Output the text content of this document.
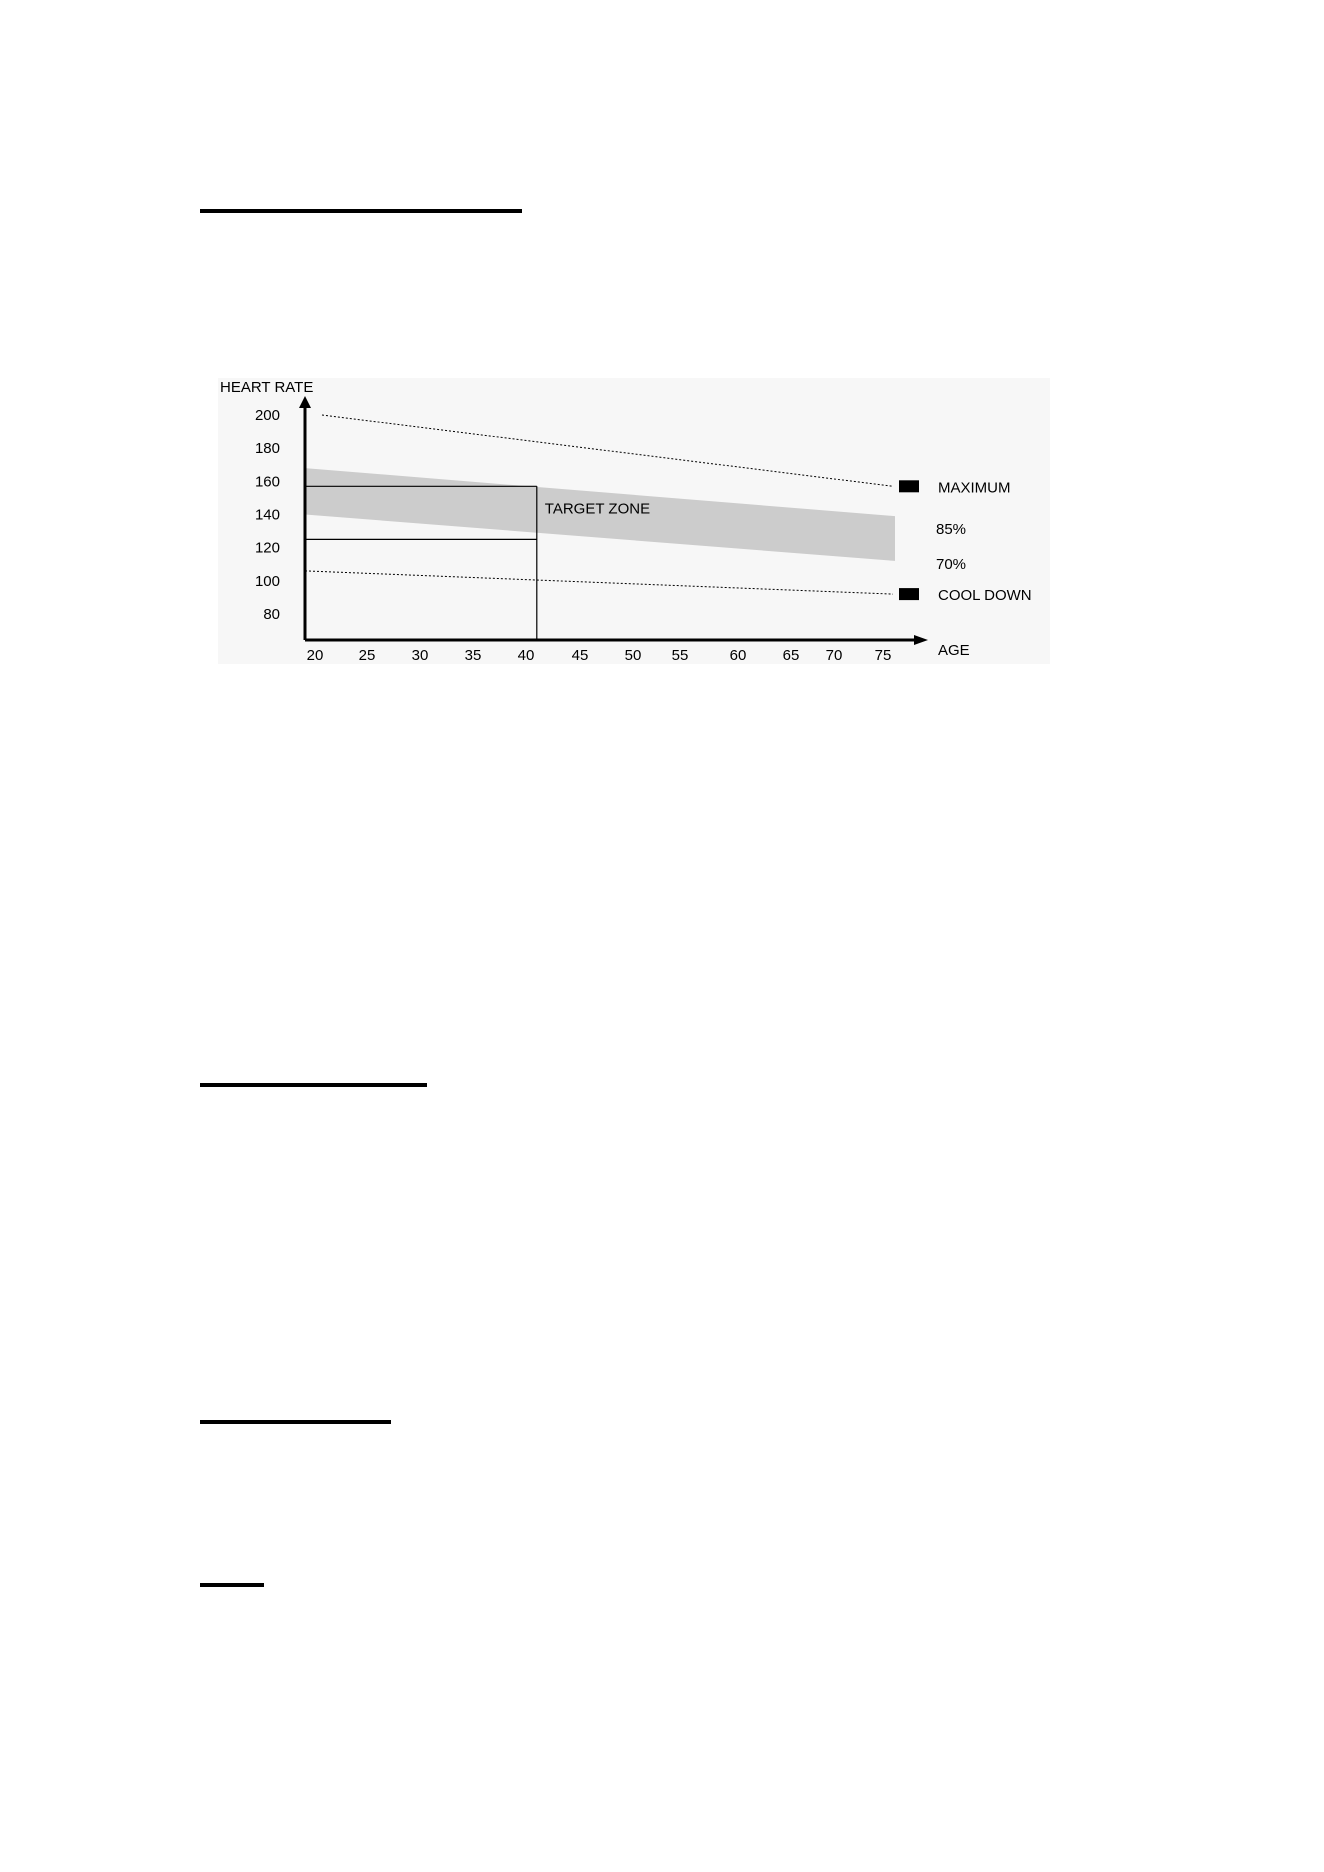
80
100
120
140
160
180
200
20 25 30 35 40 45 50 55	60 65 70 75
TARGET ZONE
MAXIMUM
COOL DOWN
85%
70%
HEART RATE
AGE
